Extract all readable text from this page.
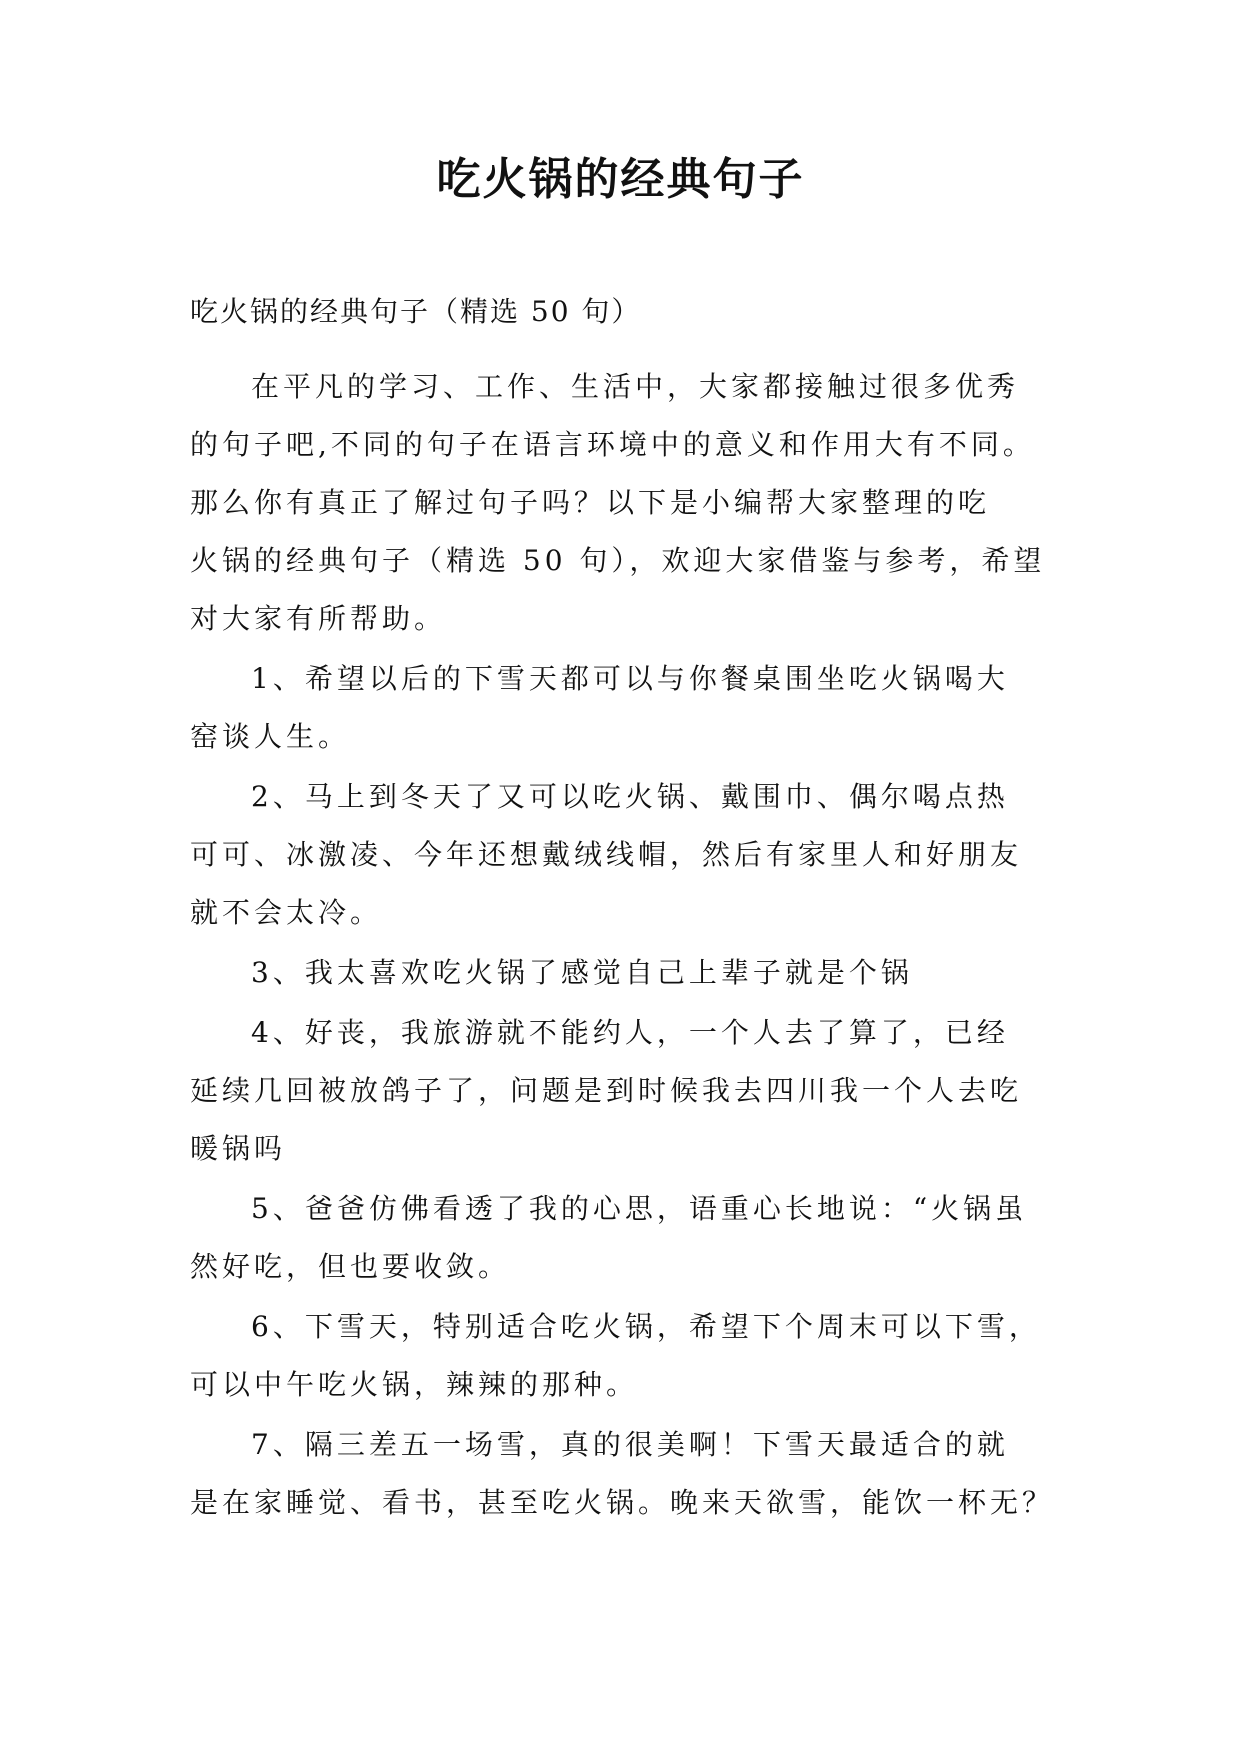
吃火锅的经典句子
吃火锅的经典句子（精选 50 句）
在平凡的学习、工作、生活中，大家都接触过很多优秀
的句子吧,不同的句子在语言环境中的意义和作用大有不同。
那么你有真正了解过句子吗？以下是小编帮大家整理的吃
火锅的经典句子（精选 50 句），欢迎大家借鉴与参考，希望
对大家有所帮助。
1、希望以后的下雪天都可以与你餐桌围坐吃火锅喝大
窑谈人生。
2、马上到冬天了又可以吃火锅、戴围巾、偶尔喝点热
可可、冰激凌、今年还想戴绒线帽，然后有家里人和好朋友
就不会太冷。
3、我太喜欢吃火锅了感觉自己上辈子就是个锅
4、好丧，我旅游就不能约人，一个人去了算了，已经
延续几回被放鸽子了，问题是到时候我去四川我一个人去吃
暖锅吗
5、爸爸仿佛看透了我的心思，语重心长地说：“火锅虽
然好吃，但也要收敛。
6、下雪天，特别适合吃火锅，希望下个周末可以下雪，
可以中午吃火锅，辣辣的那种。
7、隔三差五一场雪，真的很美啊！下雪天最适合的就
是在家睡觉、看书，甚至吃火锅。晚来天欲雪，能饮一杯无？
